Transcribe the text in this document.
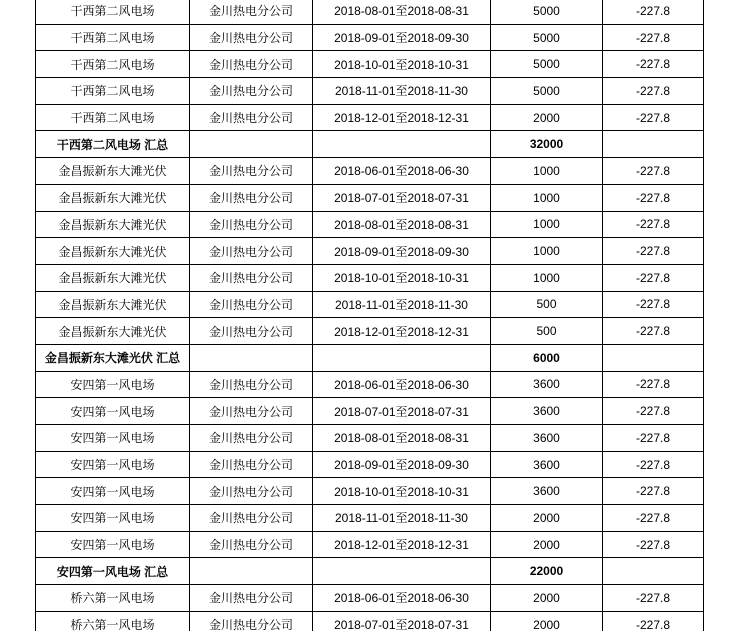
干西第二风电场	金川热电分公司	2018-08-01至2018-08-31	5000	-227.8
干西第二风电场	金川热电分公司	2018-09-01至2018-09-30	5000	-227.8
干西第二风电场	金川热电分公司	2018-10-01至2018-10-31	5000	-227.8
干西第二风电场	金川热电分公司	2018-11-01至2018-11-30	5000	-227.8
干西第二风电场	金川热电分公司	2018-12-01至2018-12-31	2000	-227.8
干西第二风电场 汇总			32000	
金昌振新东大滩光伏	金川热电分公司	2018-06-01至2018-06-30	1000	-227.8
金昌振新东大滩光伏	金川热电分公司	2018-07-01至2018-07-31	1000	-227.8
金昌振新东大滩光伏	金川热电分公司	2018-08-01至2018-08-31	1000	-227.8
金昌振新东大滩光伏	金川热电分公司	2018-09-01至2018-09-30	1000	-227.8
金昌振新东大滩光伏	金川热电分公司	2018-10-01至2018-10-31	1000	-227.8
金昌振新东大滩光伏	金川热电分公司	2018-11-01至2018-11-30	500	-227.8
金昌振新东大滩光伏	金川热电分公司	2018-12-01至2018-12-31	500	-227.8
金昌振新东大滩光伏 汇总			6000	
安四第一风电场	金川热电分公司	2018-06-01至2018-06-30	3600	-227.8
安四第一风电场	金川热电分公司	2018-07-01至2018-07-31	3600	-227.8
安四第一风电场	金川热电分公司	2018-08-01至2018-08-31	3600	-227.8
安四第一风电场	金川热电分公司	2018-09-01至2018-09-30	3600	-227.8
安四第一风电场	金川热电分公司	2018-10-01至2018-10-31	3600	-227.8
安四第一风电场	金川热电分公司	2018-11-01至2018-11-30	2000	-227.8
安四第一风电场	金川热电分公司	2018-12-01至2018-12-31	2000	-227.8
安四第一风电场 汇总			22000	
桥六第一风电场	金川热电分公司	2018-06-01至2018-06-30	2000	-227.8
桥六第一风电场	金川热电分公司	2018-07-01至2018-07-31	2000	-227.8
